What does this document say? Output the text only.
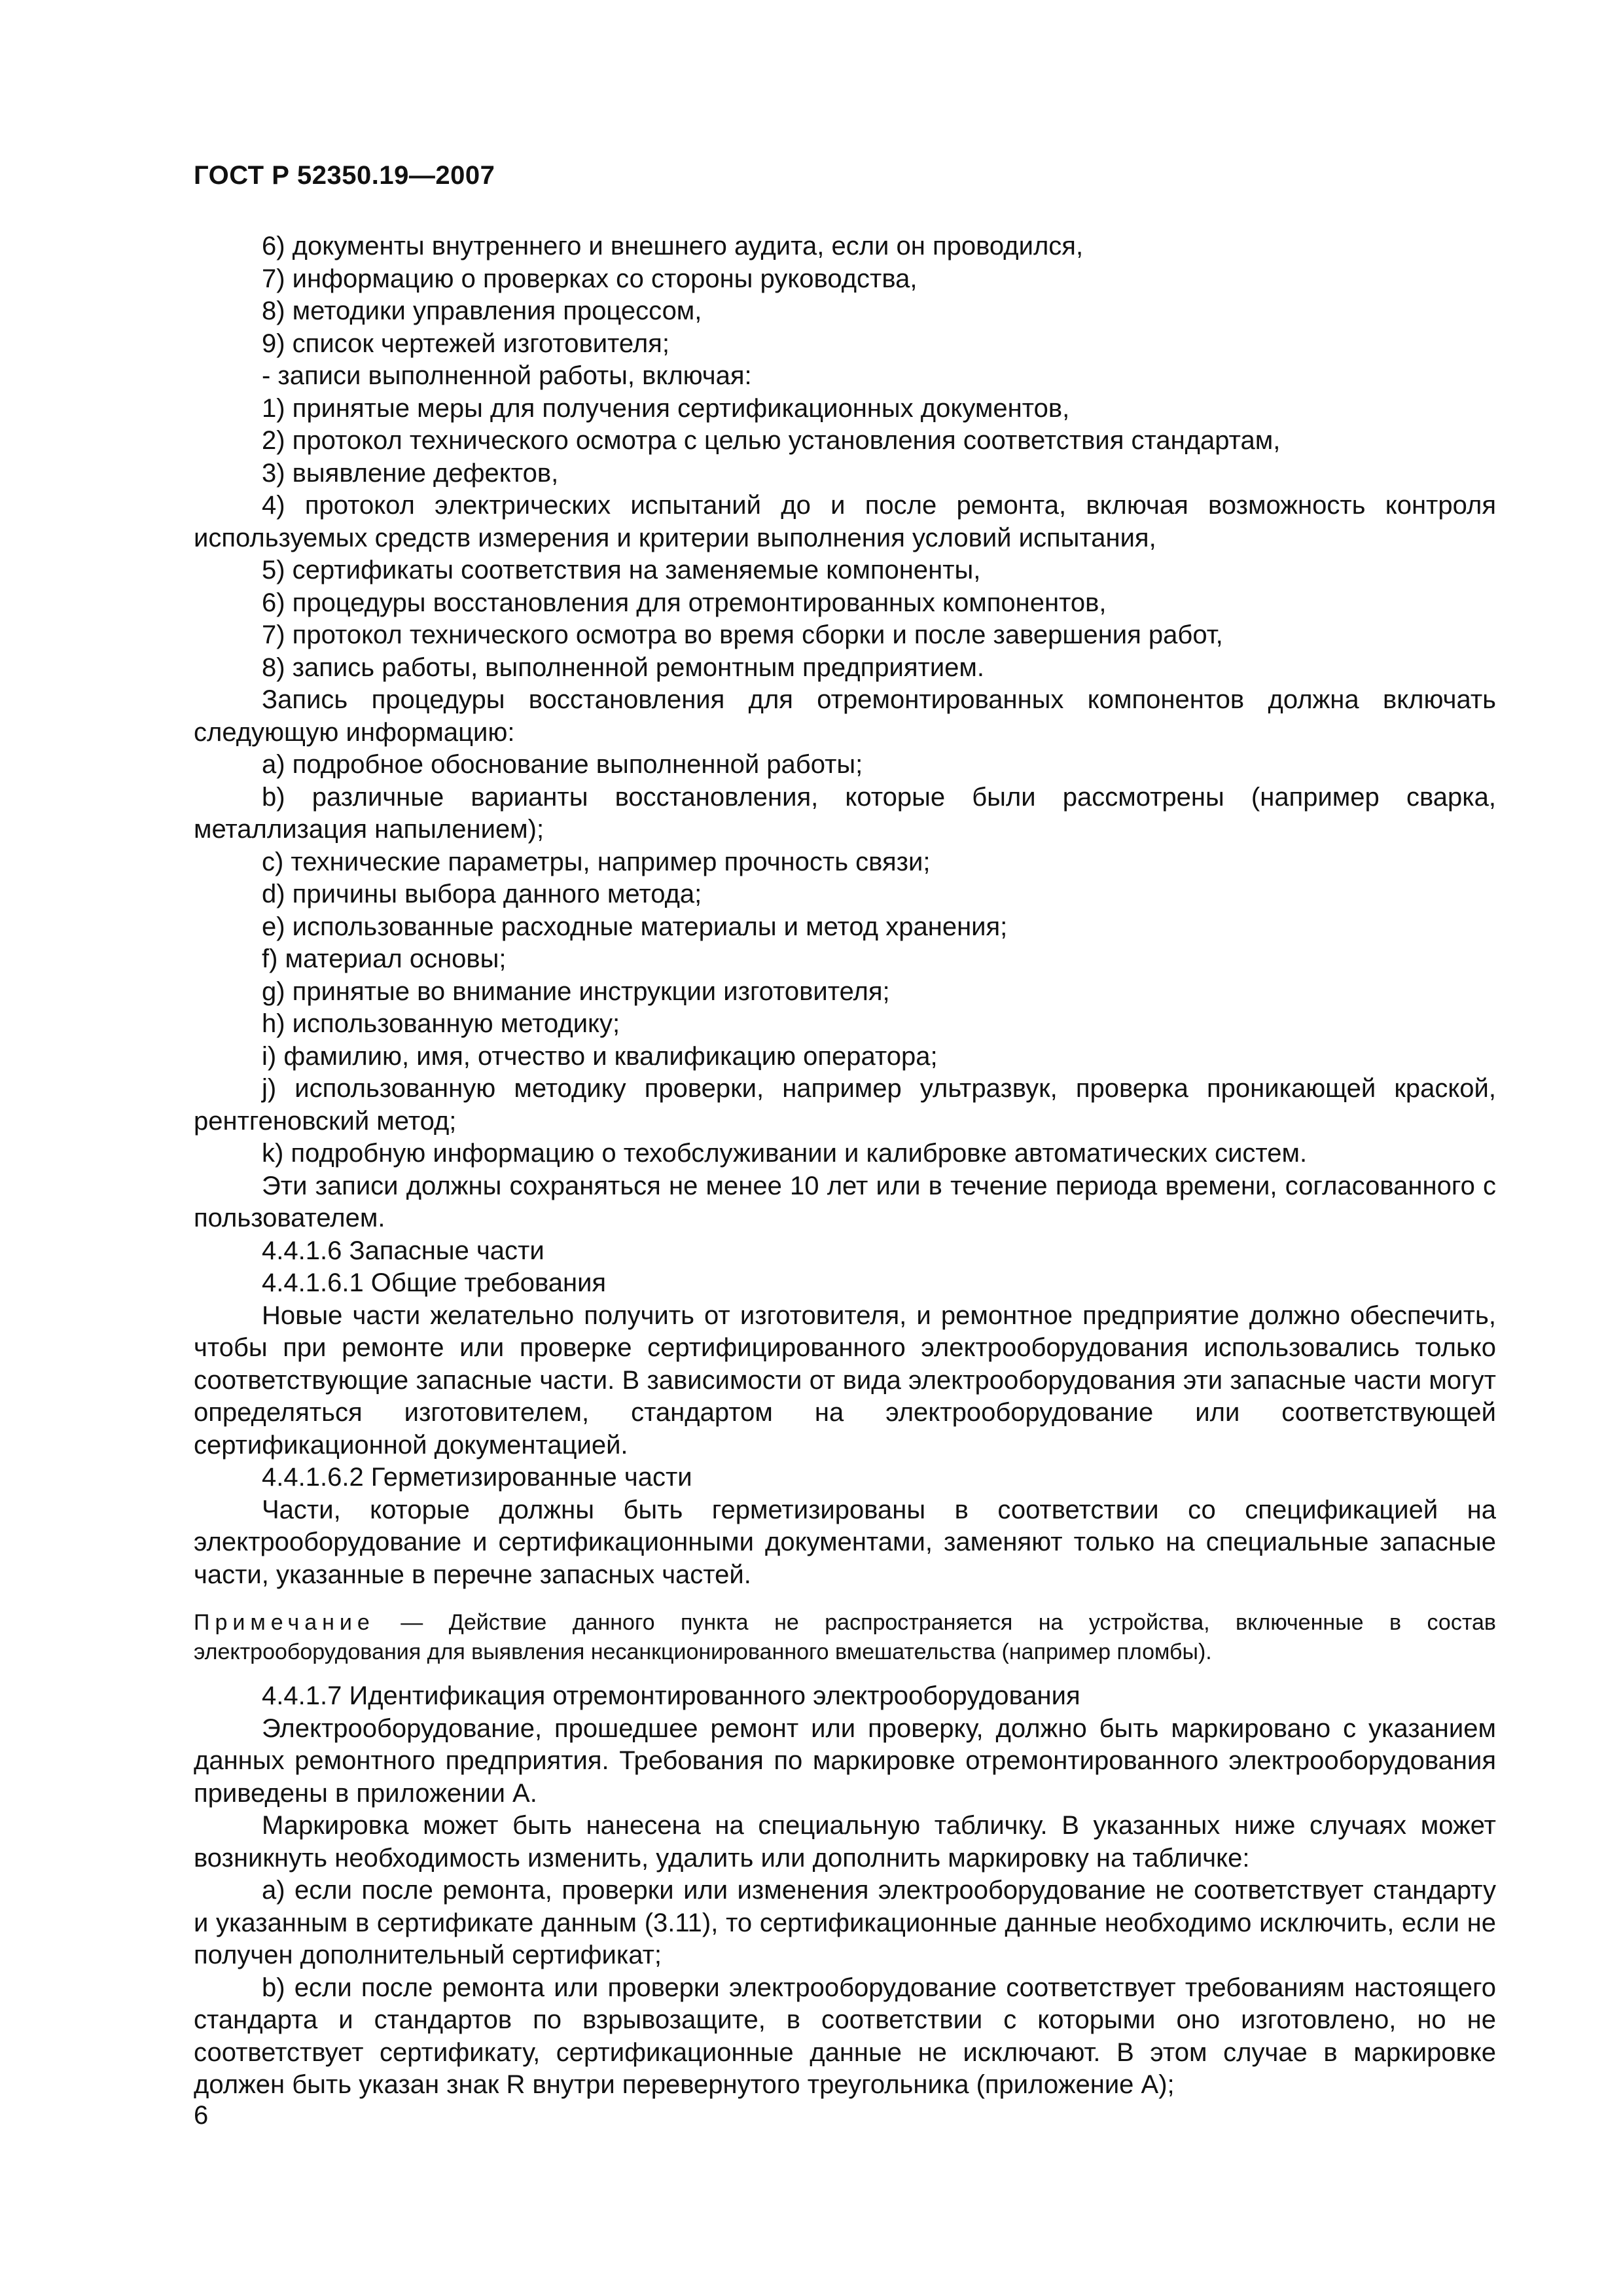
ГОСТ Р 52350.19—2007

6) документы внутреннего и внешнего аудита, если он проводился,

7) информацию о проверках со стороны руководства,

8) методики управления процессом,

9) список чертежей изготовителя;

- записи выполненной работы, включая:

1) принятые меры для получения сертификационных документов,

2) протокол технического осмотра с целью установления соответствия стандартам,

3) выявление дефектов,

4) протокол электрических испытаний до и после ремонта, включая возможность контроля используемых средств измерения и критерии выполнения условий испытания,

5) сертификаты соответствия на заменяемые компоненты,

6) процедуры восстановления для отремонтированных компонентов,

7) протокол технического осмотра во время сборки и после завершения работ,

8) запись работы, выполненной ремонтным предприятием.

Запись процедуры восстановления для отремонтированных компонентов должна включать следующую информацию:

a) подробное обоснование выполненной работы;

b) различные варианты восстановления, которые были рассмотрены (например сварка, металлизация напылением);

c) технические параметры, например прочность связи;

d) причины выбора данного метода;

e) использованные расходные материалы и метод хранения;

f) материал основы;

g) принятые во внимание инструкции изготовителя;

h) использованную методику;

i) фамилию, имя, отчество и квалификацию оператора;

j) использованную методику проверки, например ультразвук, проверка проникающей краской, рентгеновский метод;

k) подробную информацию о техобслуживании и калибровке автоматических систем.

Эти записи должны сохраняться не менее 10 лет или в течение периода времени, согласованного с пользователем.

4.4.1.6 Запасные части

4.4.1.6.1 Общие требования

Новые части желательно получить от изготовителя, и ремонтное предприятие должно обеспечить, чтобы при ремонте или проверке сертифицированного электрооборудования использовались только соответствующие запасные части. В зависимости от вида электрооборудования эти запасные части могут определяться изготовителем, стандартом на электрооборудование или соответствующей сертификационной документацией.

4.4.1.6.2 Герметизированные части

Части, которые должны быть герметизированы в соответствии со спецификацией на электрооборудование и сертификационными документами, заменяют только на специальные запасные части, указанные в перечне запасных частей.

Примечание — Действие данного пункта не распространяется на устройства, включенные в состав электрооборудования для выявления несанкционированного вмешательства (например пломбы).

4.4.1.7 Идентификация отремонтированного электрооборудования

Электрооборудование, прошедшее ремонт или проверку, должно быть маркировано с указанием данных ремонтного предприятия. Требования по маркировке отремонтированного электрооборудования приведены в приложении А.

Маркировка может быть нанесена на специальную табличку. В указанных ниже случаях может возникнуть необходимость изменить, удалить или дополнить маркировку на табличке:

a) если после ремонта, проверки или изменения электрооборудование не соответствует стандарту и указанным в сертификате данным (3.11), то сертификационные данные необходимо исключить, если не получен дополнительный сертификат;

b) если после ремонта или проверки электрооборудование соответствует требованиям настоящего стандарта и стандартов по взрывозащите, в соответствии с которыми оно изготовлено, но не соответствует сертификату, сертификационные данные не исключают. В этом случае в маркировке должен быть указан знак R внутри перевернутого треугольника (приложение А);

6
